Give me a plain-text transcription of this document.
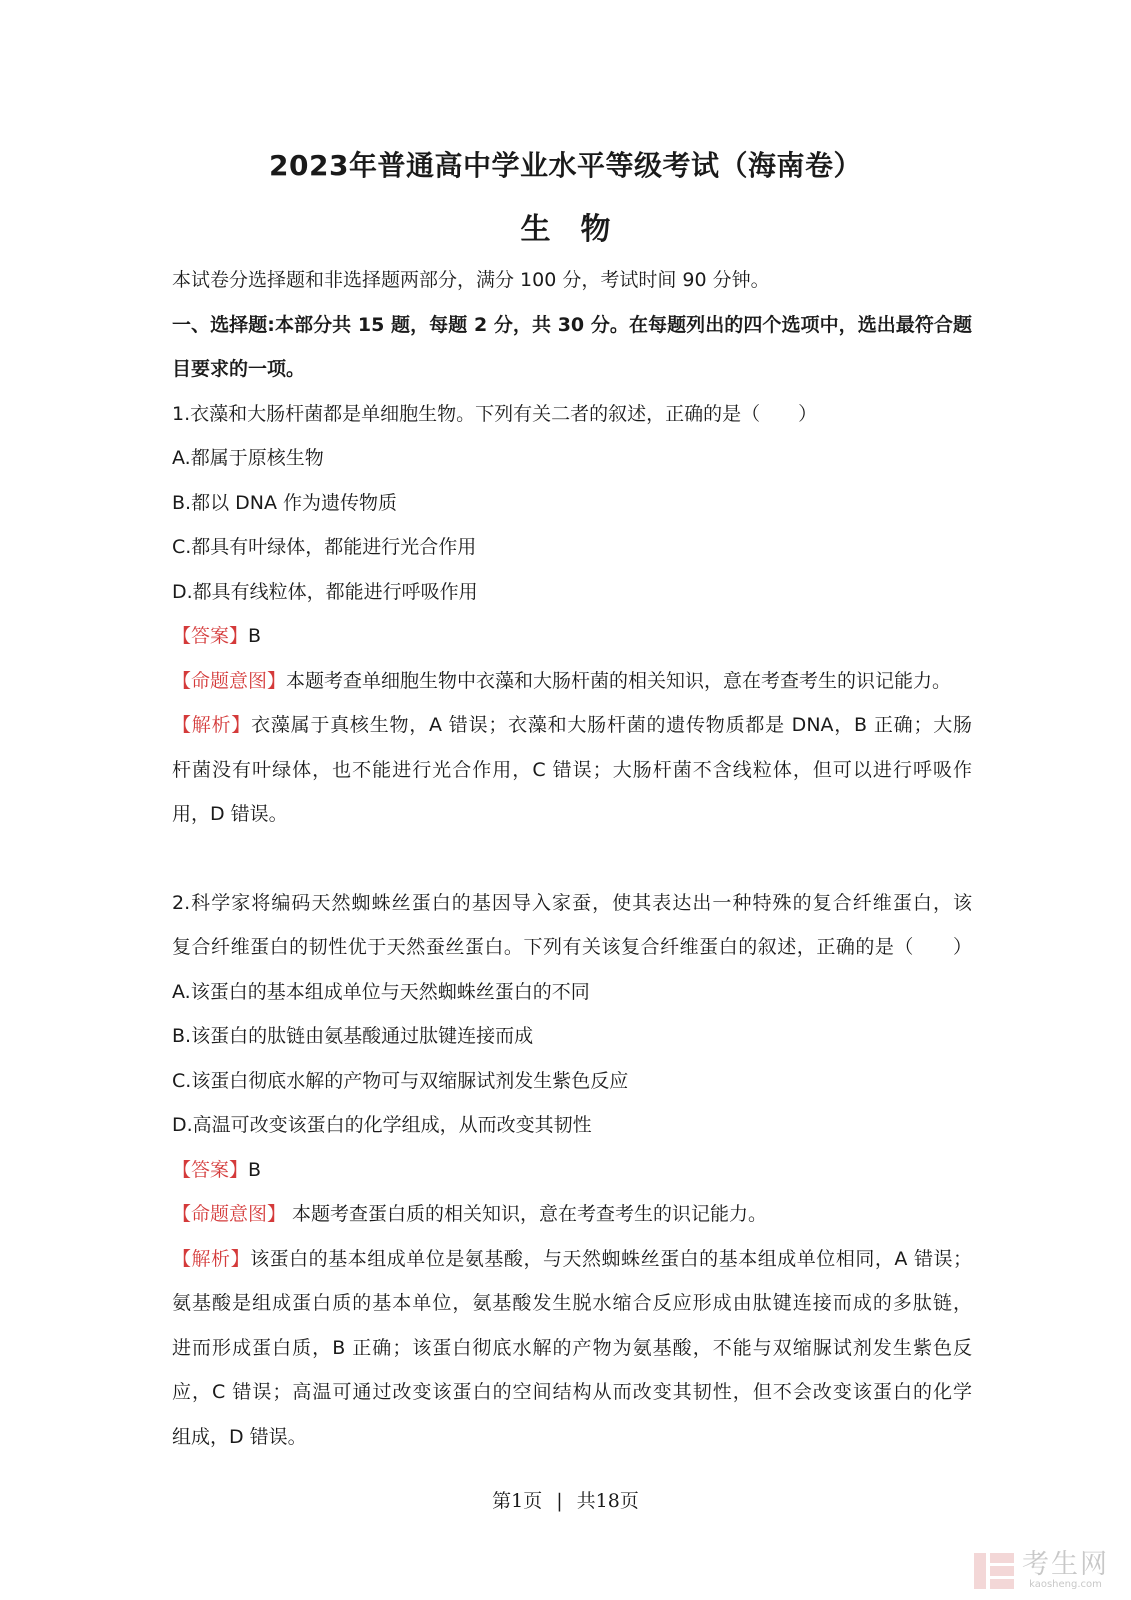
2023年普通高中学业水平等级考试（海南卷）
生　物
本试卷分选择题和非选择题两部分，满分 100 分，考试时间 90 分钟。
一、选择题:本部分共 15 题，每题 2 分，共 30 分。在每题列出的四个选项中，选出最符合题
目要求的一项。
1.衣藻和大肠杆菌都是单细胞生物。下列有关二者的叙述，正确的是（　　）
A.都属于原核生物
B.都以 DNA 作为遗传物质
C.都具有叶绿体，都能进行光合作用
D.都具有线粒体，都能进行呼吸作用
【答案】B
【命题意图】本题考查单细胞生物中衣藻和大肠杆菌的相关知识，意在考查考生的识记能力。
【解析】衣藻属于真核生物，A 错误；衣藻和大肠杆菌的遗传物质都是 DNA，B 正确；大肠
杆菌没有叶绿体，也不能进行光合作用，C 错误；大肠杆菌不含线粒体，但可以进行呼吸作
用，D 错误。
2.科学家将编码天然蜘蛛丝蛋白的基因导入家蚕，使其表达出一种特殊的复合纤维蛋白，该
复合纤维蛋白的韧性优于天然蚕丝蛋白。下列有关该复合纤维蛋白的叙述，正确的是（　　）
A.该蛋白的基本组成单位与天然蜘蛛丝蛋白的不同
B.该蛋白的肽链由氨基酸通过肽键连接而成
C.该蛋白彻底水解的产物可与双缩脲试剂发生紫色反应
D.高温可改变该蛋白的化学组成，从而改变其韧性
【答案】B
【命题意图】 本题考查蛋白质的相关知识，意在考查考生的识记能力。
【解析】该蛋白的基本组成单位是氨基酸，与天然蜘蛛丝蛋白的基本组成单位相同，A 错误；
氨基酸是组成蛋白质的基本单位，氨基酸发生脱水缩合反应形成由肽键连接而成的多肽链，
进而形成蛋白质，B 正确；该蛋白彻底水解的产物为氨基酸，不能与双缩脲试剂发生紫色反
应，C 错误；高温可通过改变该蛋白的空间结构从而改变其韧性，但不会改变该蛋白的化学
组成，D 错误。
第1页 | 共18页
考生网
kaosheng.com
